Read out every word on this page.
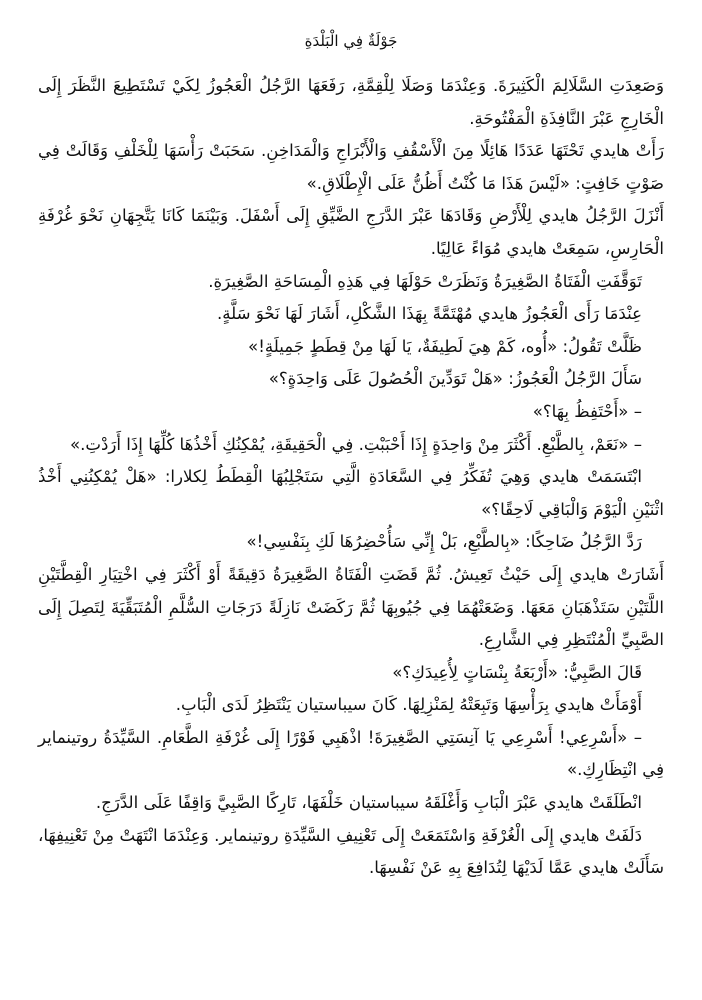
جَوْلَةٌ فِي الْبَلْدَةِ

وَصَعِدَتِ السَّلَالِمَ الْكَثِيرَةَ. وَعِنْدَمَا وَصَلَا لِلْقِمَّةِ، رَفَعَهَا الرَّجُلُ الْعَجُوزُ لِكَيْ تَسْتَطِيعَ النَّظَرَ إِلَى الْخَارِجِ عَبْرَ النَّافِذَةِ الْمَفْتُوحَةِ.

رَأَتْ هايدي تَحْتَهَا عَدَدًا هَائِلًا مِنَ الْأَسْقُفِ وَالْأَبْرَاجِ وَالْمَدَاخِنِ. سَحَبَتْ رَأْسَهَا لِلْخَلْفِ وَقَالَتْ فِي صَوْتٍ خَافِتٍ: «لَيْسَ هَذَا مَا كُنْتُ أَظُنُّ عَلَى الْإِطْلَاقِ.»

أَنْزَلَ الرَّجُلُ هايدي لِلْأَرْضِ وَقَادَهَا عَبْرَ الدَّرَجِ الضَّيِّقِ إِلَى أَسْفَلَ. وَبَيْنَمَا كَانَا يَتَّجِهَانِ نَحْوَ غُرْفَةِ الْحَارِسِ، سَمِعَتْ هايدي مُوَاءً عَالِيًا.

تَوَقَّفَتِ الْفَتَاةُ الصَّغِيرَةُ وَنَظَرَتْ حَوْلَهَا فِي هَذِهِ الْمِسَاحَةِ الصَّغِيرَةِ.

عِنْدَمَا رَأَى الْعَجُوزُ هايدي مُهْتَمَّةً بِهَذَا الشَّكْلِ، أَشَارَ لَهَا نَحْوَ سَلَّةٍ.

ظَلَّتْ تَقُولُ: «أُوه، كَمْ هِيَ لَطِيفَةٌ، يَا لَهَا مِنْ قِطَطٍ جَمِيلَةٍ!»

سَأَلَ الرَّجُلُ الْعَجُوزُ: «هَلْ تَوَدِّينَ الْحُصُولَ عَلَى وَاحِدَةٍ؟»

– «أَحْتَفِظُ بِهَا؟»

– «نَعَمْ، بِالطَّبْعِ. أَكْثَرَ مِنْ وَاحِدَةٍ إِذَا أَحْبَبْتِ. فِي الْحَقِيقَةِ، يُمْكِنُكِ أَخْذُهَا كُلِّهَا إِذَا أَرَدْتِ.»

ابْتَسَمَتْ هايدي وَهِيَ تُفَكِّرُ فِي السَّعَادَةِ الَّتِي سَتَجْلِبُهَا الْقِطَطُ لِكلارا: «هَلْ يُمْكِنُنِي أَخْذُ اثْنَيْنِ الْيَوْمَ وَالْبَاقِي لَاحِقًا؟»

رَدَّ الرَّجُلُ ضَاحِكًا: «بِالطَّبْعِ، بَلْ إِنِّي سَأُحْضِرُهَا لَكِ بِنَفْسِي!»

أَشَارَتْ هايدي إِلَى حَيْثُ تَعِيشُ. ثُمَّ قَضَتِ الْفَتَاةُ الصَّغِيرَةُ دَقِيقَةً أَوْ أَكْثَرَ فِي اخْتِيَارِ الْقِطَّتَيْنِ اللَّتَيْنِ سَتَذْهَبَانِ مَعَهَا. وَضَعَتْهُمَا فِي جُيُوبِهَا ثُمَّ رَكَضَتْ نَازِلَةً دَرَجَاتِ السُّلَّمِ الْمُتَبَقِّيَةَ لِتَصِلَ إِلَى الصَّبِيِّ الْمُنْتَظِرِ فِي الشَّارِعِ.

قَالَ الصَّبِيُّ: «أَرْبَعَةُ بِنْسَاتٍ لِأُعِيدَكِ؟»

أَوْمَأَتْ هايدي بِرَأْسِهَا وَتَبِعَتْهُ لِمَنْزِلِهَا. كَانَ سيباستيان يَنْتَظِرُ لَدَى الْبَابِ.

– «أَسْرِعِي! أَسْرِعِي يَا آنِسَتِي الصَّغِيرَةَ! اذْهَبِي فَوْرًا إِلَى غُرْفَةِ الطَّعَامِ. السَّيِّدَةُ روتينماير فِي انْتِظَارِكِ.»

انْطَلَقَتْ هايدي عَبْرَ الْبَابِ وَأَغْلَقَهُ سيباستيان خَلْفَهَا، تَارِكًا الصَّبِيَّ وَاقِفًا عَلَى الدَّرَجِ.

دَلَفَتْ هايدي إِلَى الْغُرْفَةِ وَاسْتَمَعَتْ إِلَى تَعْنِيفِ السَّيِّدَةِ روتينماير. وَعِنْدَمَا انْتَهَتْ مِنْ تَعْنِيفِهَا، سَأَلَتْ هايدي عَمَّا لَدَيْهَا لِتُدَافِعَ بِهِ عَنْ نَفْسِهَا.
